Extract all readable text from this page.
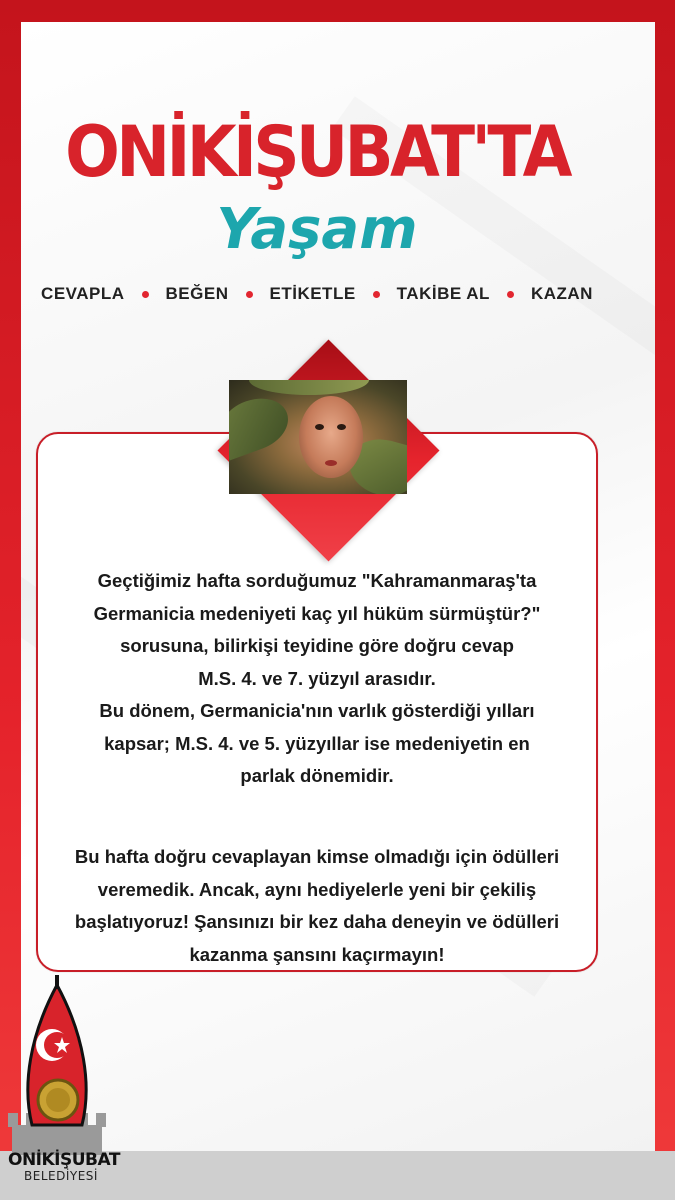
ONİKİŞUBAT'TA
Yaşam
CEVAPLA BEĞEN ETİKETLE TAKİBE AL KAZAN
Geçtiğimiz hafta sorduğumuz "Kahramanmaraş'ta
Germanicia medeniyeti kaç yıl hüküm sürmüştür?"
sorusuna, bilirkişi teyidine göre doğru cevap
M.S. 4. ve 7. yüzyıl arasıdır.
Bu dönem, Germanicia'nın varlık gösterdiği yılları
kapsar; M.S. 4. ve 5. yüzyıllar ise medeniyetin en
parlak dönemidir.
Bu hafta doğru cevaplayan kimse olmadığı için ödülleri
veremedik. Ancak, aynı hediyelerle yeni bir çekiliş
başlatıyoruz! Şansınızı bir kez daha deneyin ve ödülleri
kazanma şansını kaçırmayın!
ONİKİŞUBAT
BELEDİYESİ
